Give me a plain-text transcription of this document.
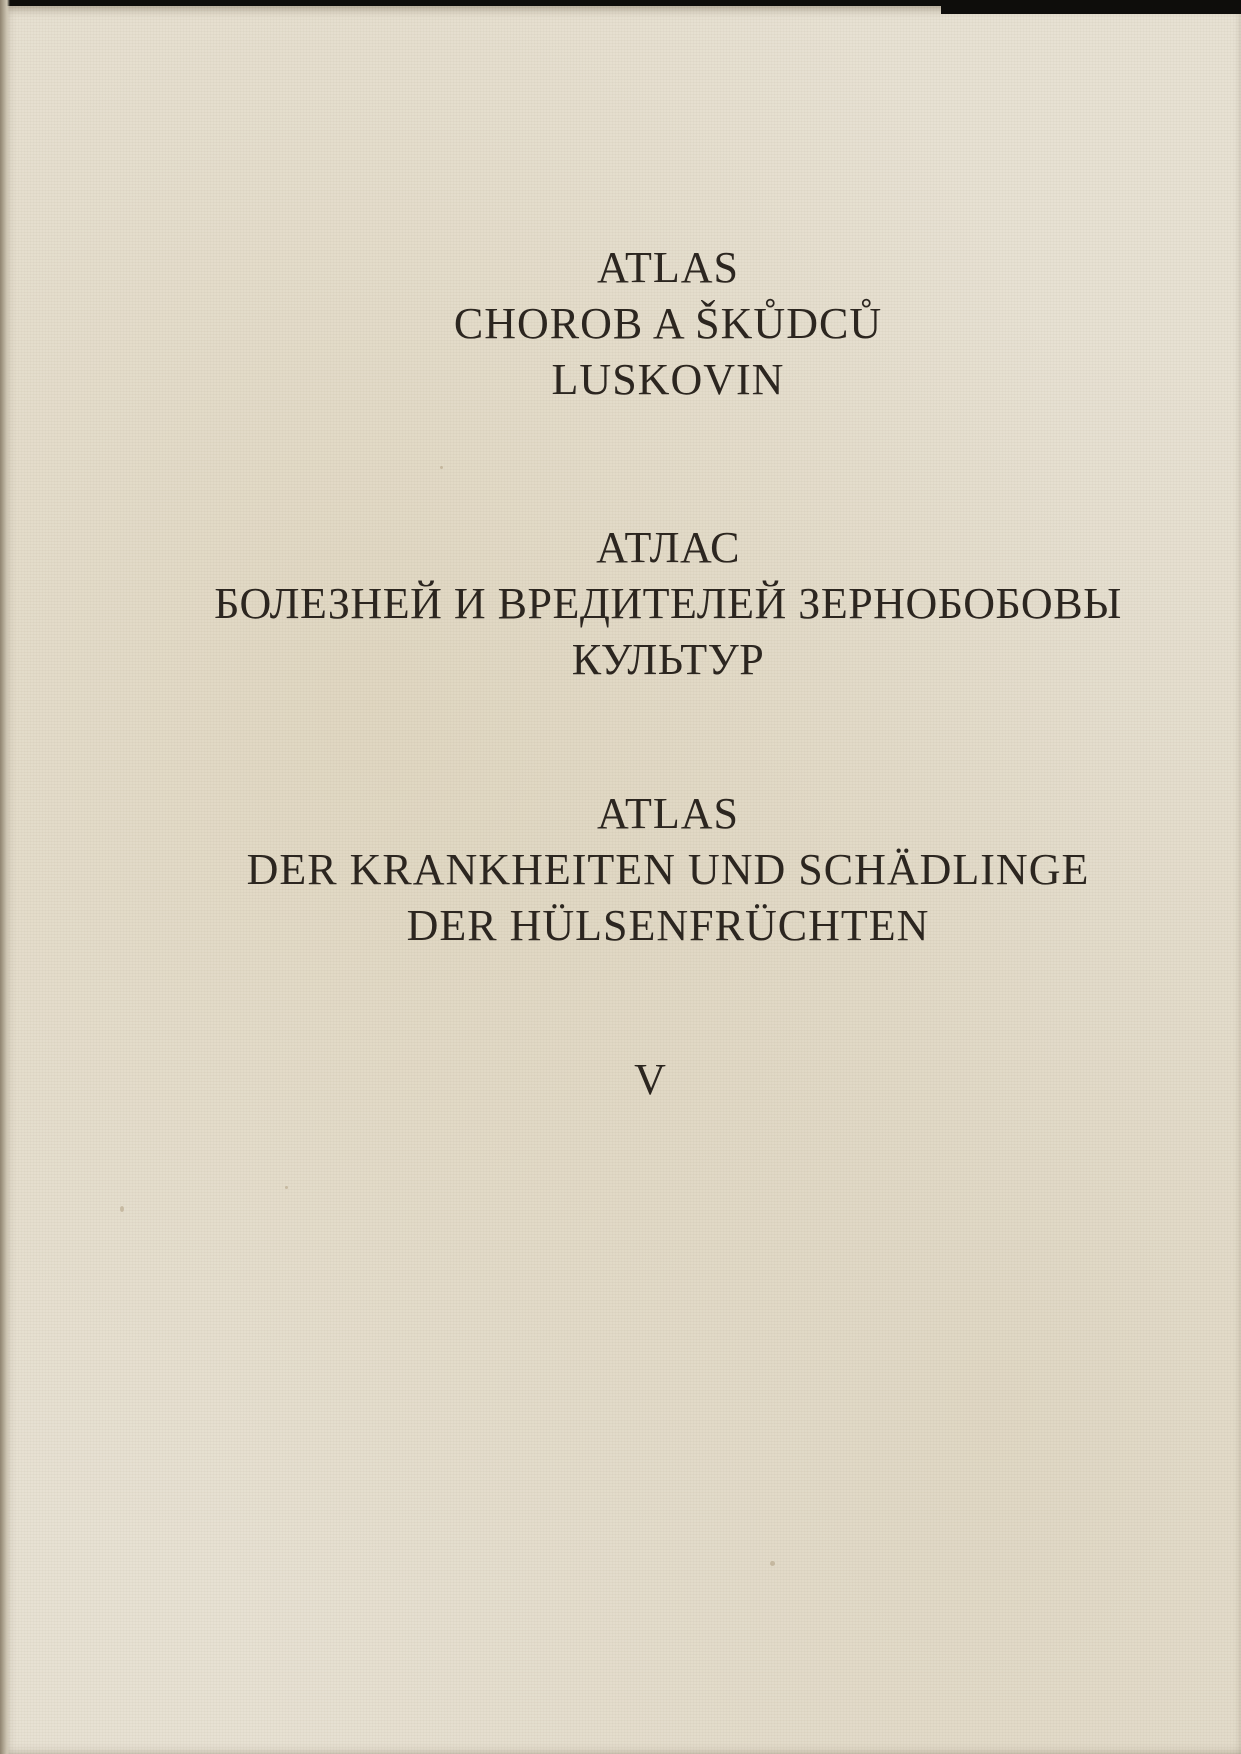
ATLAS
CHOROB A ŠKŮDCŮ
LUSKOVIN
АТЛАС
БОЛЕЗНЕЙ И ВРЕДИТЕЛЕЙ ЗЕРНОБОБОВЫ
КУЛЬТУР
ATLAS
DER KRANKHEITEN UND SCHÄDLINGE
DER HÜLSENFRÜCHTEN
V
